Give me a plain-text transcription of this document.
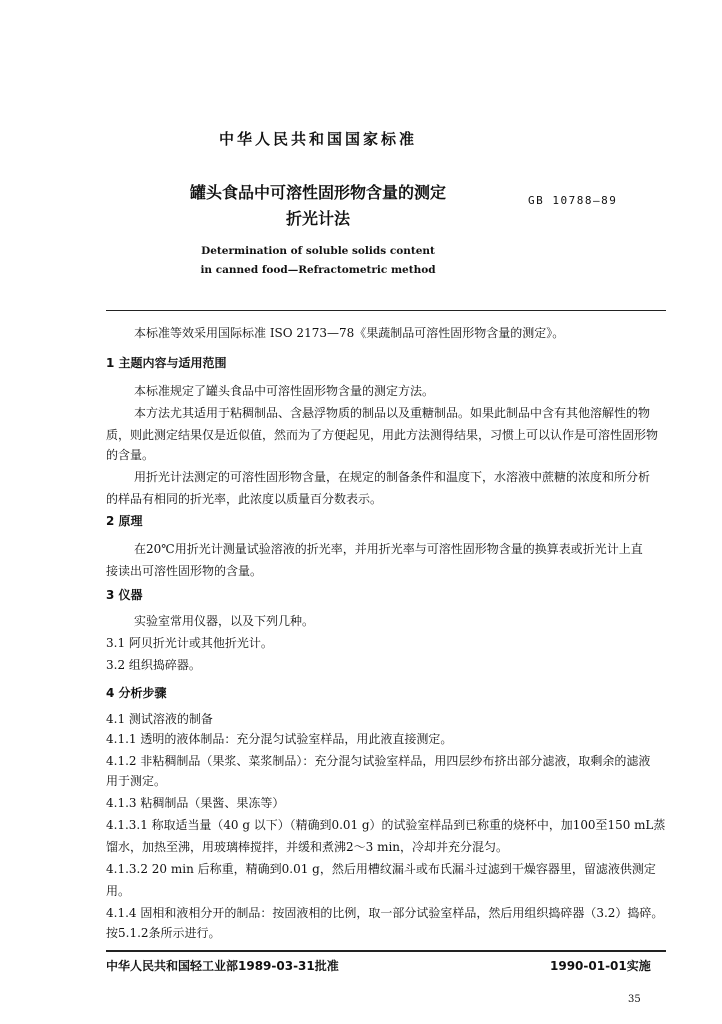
中华人民共和国国家标准
罐头食品中可溶性固形物含量的测定
折光计法
GB 10788—89
Determination of soluble solids content
in canned food—Refractometric method
本标准等效采用国际标准 ISO 2173—78《果蔬制品可溶性固形物含量的测定》。
1 主题内容与适用范围
本标准规定了罐头食品中可溶性固形物含量的测定方法。
本方法尤其适用于粘稠制品、含悬浮物质的制品以及重糖制品。如果此制品中含有其他溶解性的物
质，则此测定结果仅是近似值，然而为了方便起见，用此方法测得结果，习惯上可以认作是可溶性固形物
的含量。
用折光计法测定的可溶性固形物含量，在规定的制备条件和温度下，水溶液中蔗糖的浓度和所分析
的样品有相同的折光率，此浓度以质量百分数表示。
2 原理
在20℃用折光计测量试验溶液的折光率，并用折光率与可溶性固形物含量的换算表或折光计上直
接读出可溶性固形物的含量。
3 仪器
实验室常用仪器，以及下列几种。
3.1 阿贝折光计或其他折光计。
3.2 组织捣碎器。
4 分析步骤
4.1 测试溶液的制备
4.1.1 透明的液体制品：充分混匀试验室样品，用此液直接测定。
4.1.2 非粘稠制品（果浆、菜浆制品）：充分混匀试验室样品，用四层纱布挤出部分滤液，取剩余的滤液
用于测定。
4.1.3 粘稠制品（果酱、果冻等）
4.1.3.1 称取适当量（40 g 以下）（精确到0.01 g）的试验室样品到已称重的烧杯中，加100至150 mL蒸
馏水，加热至沸，用玻璃棒搅拌，并缓和煮沸2～3 min，冷却并充分混匀。
4.1.3.2 20 min 后称重，精确到0.01 g，然后用槽纹漏斗或布氏漏斗过滤到干燥容器里，留滤液供测定
用。
4.1.4 固相和液相分开的制品：按固液相的比例，取一部分试验室样品，然后用组织捣碎器（3.2）捣碎。
按5.1.2条所示进行。
中华人民共和国轻工业部1989-03-31批准	1990-01-01实施
35
